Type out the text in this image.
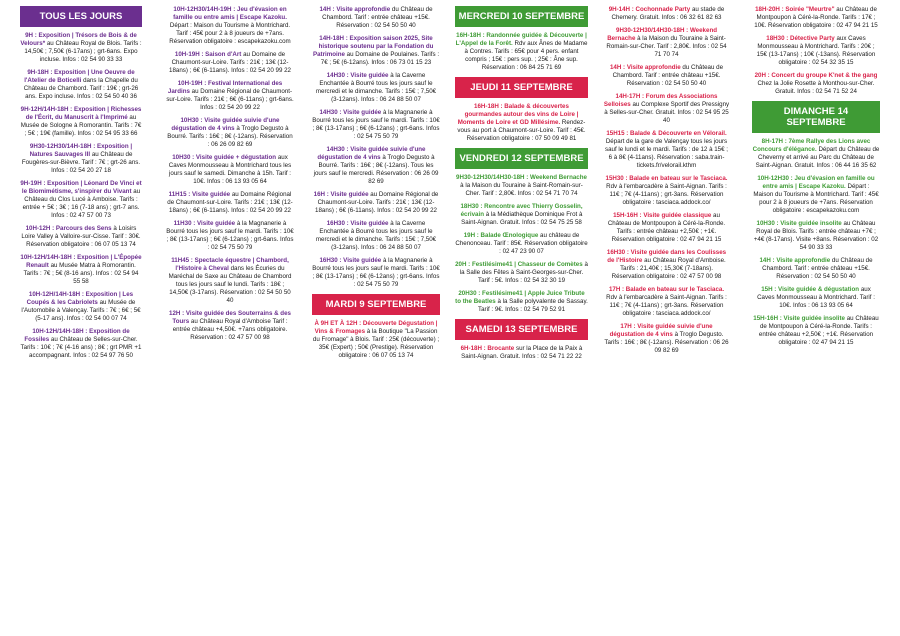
TOUS LES JOURS
9H : Exposition | Trésors de Bois & de Velours* au Château Royal de Blois. Tarifs : 14,50€ ; 7,50€ (6-17ans) ; grt-6ans. Expo incluse. Infos : 02 54 90 33 33
9H-18H : Exposition | Une Oeuvre de l'Atelier de Boticelli dans la Chapelle du Château de Chambord. Tarif : 19€ ; grt-26 ans. Expo incluse. Infos : 02 54 50 40 36
9H-12H/14H-18H : Exposition | Richesses de l'Écrit, du Manuscrit à l'Imprimé au Musée de Sologne à Romorantin. Tarifs : 7€ ; 5€ ; 19€ (famille). Infos : 02 54 95 33 66
9H30-12H30/14H-18H : Exposition | Natures Sauvages III au Château de Fougères-sur-Bièvre. Tarif : 7€ ; grt-26 ans. Infos : 02 54 20 27 18
9H-19H : Exposition | Léonard De Vinci et le Biomimétisme, s'inspirer du Vivant au Château du Clos Lucé à Amboise. Tarifs : entrée + 5€ ; 3€ ; 16 (7-18 ans) ; grt-7 ans. Infos : 02 47 57 00 73
10H-12H : Parcours des Sens à Loisirs Loire Valley à Valloire-sur-Cisse. Tarif : 30€. Réservation obligatoire : 06 07 05 13 74
10H-12H/14H-18H : Exposition | L'Épopée Renault au Musée Matra à Romorantin. Tarifs : 7€ ; 5€ (8-16 ans). Infos : 02 54 94 55 58
10H-12H/14H-18H : Exposition | Les Coupés & les Cabriolets au Musée de l'Automobile à Valençay. Tarifs : 7€ ; 6€ ; 5€ (5-17 ans). Infos : 02 54 00 07 74
10H-12H/14H-18H : Exposition de Fossiles au Château de Selles-sur-Cher. Tarifs : 10€ ; 7€ (4-16 ans) ; 8€ ; grt PMR +1 accompagnant. Infos : 02 54 97 76 50
10H-12H30/14H-19H : Jeu d'évasion en famille ou entre amis | Escape Kazoku. Départ : Maison du Tourisme à Montrichard. Tarif : 45€ pour 2 à 8 joueurs de +7ans. Réservation obligatoire : escapekazoku.com
10H-19H : Saison d'Art au Domaine de Chaumont-sur-Loire. Tarifs : 21€ ; 13€ (12-18ans) ; 6€ (6-11ans). Infos : 02 54 20 99 22
10H-19H : Festival International des Jardins au Domaine Régional de Chaumont-sur-Loire. Tarifs : 21€ ; 6€ (6-11ans) ; grt-6ans. Infos : 02 54 20 99 22
10H30 : Visite guidée suivie d'une dégustation de 4 vins à Troglo Degusto à Bourré. Tarifs : 16€ ; 8€ (-12ans). Réservation : 06 26 09 82 69
10H30 : Visite guidée + dégustation aux Caves Monmousseau à Montrichard tous les jours sauf le samedi. Dimanche à 15h. Tarif : 10€. Infos : 06 13 93 05 64
11H15 : Visite guidée au Domaine Régional de Chaumont-sur-Loire. Tarifs : 21€ ; 13€ (12-18ans) ; 6€ (6-11ans). Infos : 02 54 20 99 22
11H30 : Visite guidée à la Magnanerie à Bourré tous les jours sauf le mardi. Tarifs : 10€ ; 8€ (13-17ans) ; 6€ (6-12ans) ; grt-6ans. Infos : 02 54 75 50 79
11H45 : Spectacle équestre | Chambord, l'Histoire à Cheval dans les Écuries du Maréchal de Saxe au Château de Chambord tous les jours sauf le lundi. Tarifs : 18€ ; 14,50€ (3-17ans). Réservation : 02 54 50 50 40
12H : Visite guidée des Souterrains & des Tours au Château Royal d'Amboise Tarif : entrée château +4,50€. +7ans obligatoire. Réservation : 02 47 57 00 98
14H : Visite approfondie du Château de Chambord. Tarif : entrée château +15€. Réservation : 02 54 50 50 40
14H-18H : Exposition saison 2025, Site historique soutenu par la Fondation du Patrimoine au Domaine de Poulaines. Tarifs : 7€ ; 5€ (6-12ans). Infos : 06 73 01 15 23
14H30 : Visite guidée à la Caverne Enchantée à Bourré tous les jours sauf le mercredi et le dimanche. Tarifs : 15€ ; 7,50€ (3-12ans). Infos : 06 24 88 50 07
14H30 : Visite guidée à la Magnanerie à Bourré tous les jours sauf le mardi. Tarifs : 10€ ; 8€ (13-17ans) ; 6€ (6-12ans) ; grt-6ans. Infos : 02 54 75 50 79
14H30 : Visite guidée suivie d'une dégustation de 4 vins à Troglo Degusto à Bourré. Tarifs : 16€ ; 8€ (-12ans). Tous les jours sauf le mercredi. Réservation : 06 26 09 82 69
16H : Visite guidée au Domaine Régional de Chaumont-sur-Loire. Tarifs : 21€ ; 13€ (12-18ans) ; 6€ (6-11ans). Infos : 02 54 20 99 22
16H30 : Visite guidée à la Caverne Enchantée à Bourré tous les jours sauf le mercredi et le dimanche. Tarifs : 15€ ; 7,50€ (3-12ans). Infos : 06 24 88 50 07
16H30 : Visite guidée à la Magnanerie à Bourré tous les jours sauf le mardi. Tarifs : 10€ ; 8€ (13-17ans) ; 6€ (6-12ans) ; grt-6ans. Infos : 02 54 75 50 79
MARDI 9 SEPTEMBRE
À 9H ET À 12H : Découverte Dégustation | Vins & Fromages à la Boutique "La Passion du Fromage" à Blois. Tarif : 25€ (découverte) ; 35€ (Expert) ; 50€ (Prestige). Réservation obligatoire : 06 07 05 13 74
MERCREDI 10 SEPTEMBRE
16H-18H : Randonnée guidée & Découverte | L'Appel de la Forêt. Rdv aux Ânes de Madame à Contres. Tarifs : 65€ pour 4 pers. enfant compris ; 15€ : pers sup. ; 25€ : Âne sup. Réservation : 06 84 25 71 69
JEUDI 11 SEPTEMBRE
16H-18H : Balade & découvertes gourmandes autour des vins de Loire | Moments de Loire et GD Millésime. Rendez-vous au port à Chaumont-sur-Loire. Tarif : 45€. Réservation obligatoire : 07 50 09 49 81
VENDREDI 12 SEPTEMBRE
9H30-12H30/14H30-18H : Weekend Bernache à la Maison du Touraine à Saint-Romain-sur-Cher. Tarif : 2,80€. Infos : 02 54 71 70 74
18H30 : Rencontre avec Thierry Gosselin, écrivain à la Médiathèque Dominique Frot à Saint-Aignan. Gratuit. Infos : 02 54 75 25 58
19H : Balade Œnologique au château de Chenonceau. Tarif : 85€. Réservation obligatoire : 02 47 23 90 07
20H : Festilésime41 | Chasseur de Comètes à la Salle des Fêtes à Saint-Georges-sur-Cher. Tarif : 5€. Infos : 02 54 32 30 19
20H30 : Festilésime41 | Apple Juice Tribute to the Beatles à la Salle polyvalente de Sassay. Tarif : 9€. Infos : 02 54 79 52 91
SAMEDI 13 SEPTEMBRE
6H-18H : Brocante sur la Place de la Paix à Saint-Aignan. Gratuit. Infos : 02 54 71 22 22
9H-14H : Cochonnade Party au stade de Chemery. Gratuit. Infos : 06 32 61 82 63
9H30-12H30/14H30-18H : Weekend Bernache à la Maison du Touraine à Saint-Romain-sur-Cher. Tarif : 2,80€. Infos : 02 54 71 70 74
14H : Visite approfondie du Château de Chambord. Tarif : entrée château +15€. Réservation : 02 54 50 50 40
14H-17H : Forum des Associations Selloises au Complexe Sportif des Pressigny à Selles-sur-Cher. Gratuit. Infos : 02 54 95 25 40
15H15 : Balade & Découverte en Vélorail. Départ de la gare de Valençay tous les jours sauf le lundi et le mardi. Tarifs : de 12 à 15€ ; 6 à 8€ (4-11ans). Réservation : saba.train-tickets.fr/velorail.kthm
15H30 : Balade en bateau sur le Tasciaca. Rdv à l'embarcadère à Saint-Aignan. Tarifs : 11€ ; 7€ (4-11ans) ; grt-3ans. Réservation obligatoire : tasciaca.addock.co/
15H-16H : Visite guidée classique au Château de Montpoupon à Céré-la-Ronde. Tarifs : entrée château +2,50€ ; +1€. Réservation obligatoire : 02 47 94 21 15
16H30 : Visite guidée dans les Coulisses de l'Histoire au Château Royal d'Amboise. Tarifs : 21,40€ ; 15,30€ (7-18ans). Réservation obligatoire : 02 47 57 00 98
17H : Balade en bateau sur le Tasciaca. Rdv à l'embarcadère à Saint-Aignan. Tarifs : 11€ ; 7€ (4-11ans) ; grt-3ans. Réservation obligatoire : tasciaca.addock.co/
17H : Visite guidée suivie d'une dégustation de 4 vins à Troglo Degusto. Tarifs : 16€ ; 8€ (-12ans). Réservation : 06 26 09 82 69
18H-20H : Soirée "Meurtre" au Château de Montpoupon à Céré-la-Ronde. Tarifs : 17€ ; 10€. Réservation obligatoire : 02 47 94 21 15
18H30 : Détective Party aux Caves Monmousseau à Montrichard. Tarifs : 20€ ; 15€ (13-17ans) ; 10€ (-13ans). Réservation obligatoire : 02 54 32 35 15
20H : Concert du groupe K'net & the gang Chez la Jolie Rosette à Monthou-sur-Cher. Gratuit. Infos : 02 54 71 52 24
DIMANCHE 14 SEPTEMBRE
8H-17H : 7ème Rallye des Lions avec Concours d'élégance. Départ du Château de Cheverny et arrivé au Parc du Château de Saint-Aignan. Gratuit. Infos : 06 44 16 35 62
10H-12H30 : Jeu d'évasion en famille ou entre amis | Escape Kazoku. Départ : Maison du Tourisme à Montrichard. Tarif : 45€ pour 2 à 8 joueurs de +7ans. Réservation obligatoire : escapekazoku.com
10H30 : Visite guidée insolite au Château Royal de Blois. Tarifs : entrée château +7€ ; +4€ (8-17ans). Visite +8ans. Réservation : 02 54 90 33 33
14H : Visite approfondie du Château de Chambord. Tarif : entrée château +15€. Réservation : 02 54 50 50 40
15H : Visite guidée & dégustation aux Caves Monmousseau à Montrichard. Tarif : 10€. Infos : 06 13 93 05 64
15H-16H : Visite guidée insolite au Château de Montpoupon à Céré-la-Ronde. Tarifs : entrée château +2,50€ ; +1€. Réservation obligatoire : 02 47 94 21 15
